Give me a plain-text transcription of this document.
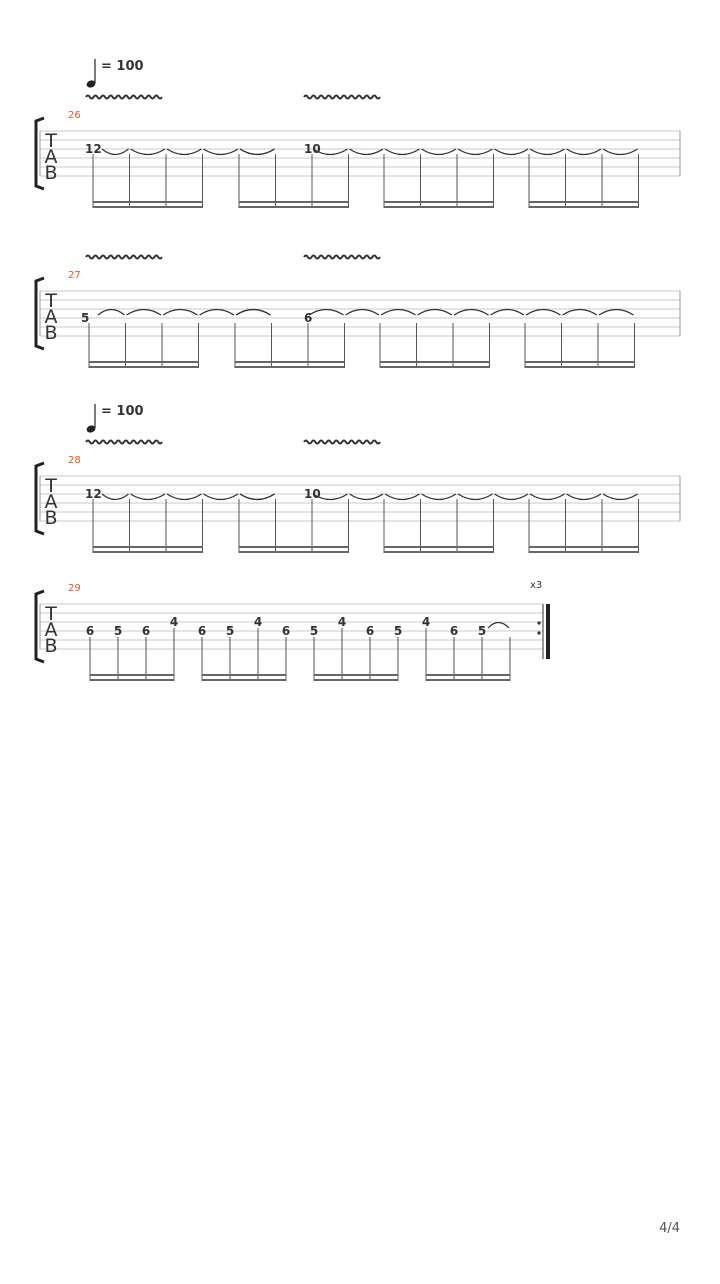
T
A
B
26
= 100
12	10
T
A
B
27
5	6
T
A
B
28
= 100
12	10
T
A
B
29	x3
6 5 6
4
6 5
4
6 5
4
6 5
4
6 5
4/4
